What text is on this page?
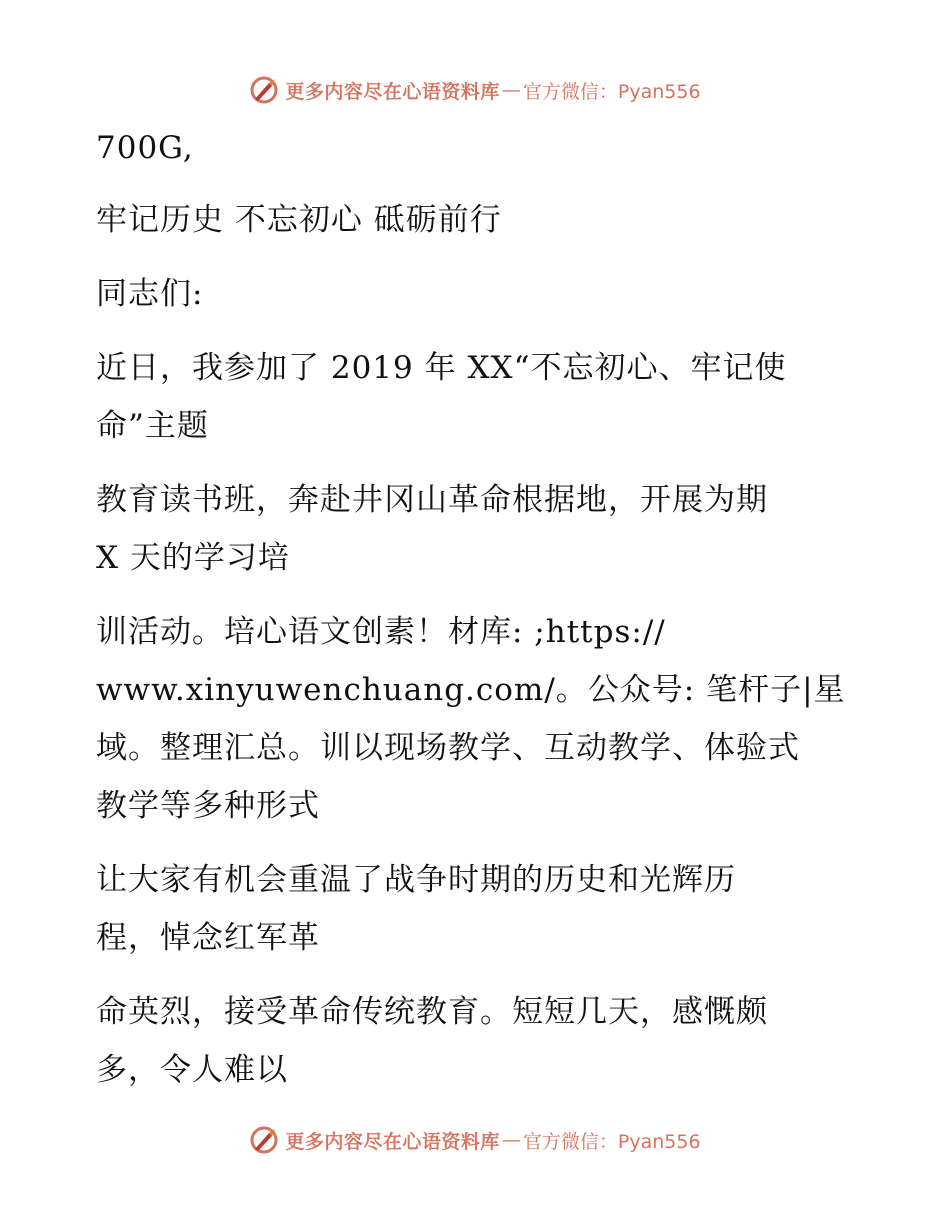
更多内容尽在心语资料库 — 官方微信：Pyan556
700G,
牢记历史 不忘初心 砥砺前行
同志们:
近日，我参加了 2019 年 XX“不忘初心、牢记使
命”主题
教育读书班，奔赴井冈山革命根据地，开展为期
X 天的学习培
训活动。培心语文创素！材库: ;https://
www.xinyuwenchuang.com/。公众号: 笔杆子|星
域。整理汇总。训以现场教学、互动教学、体验式
教学等多种形式
让大家有机会重温了战争时期的历史和光辉历
程，悼念红军革
命英烈，接受革命传统教育。短短几天，感慨颇
多，令人难以
更多内容尽在心语资料库 — 官方微信：Pyan556
